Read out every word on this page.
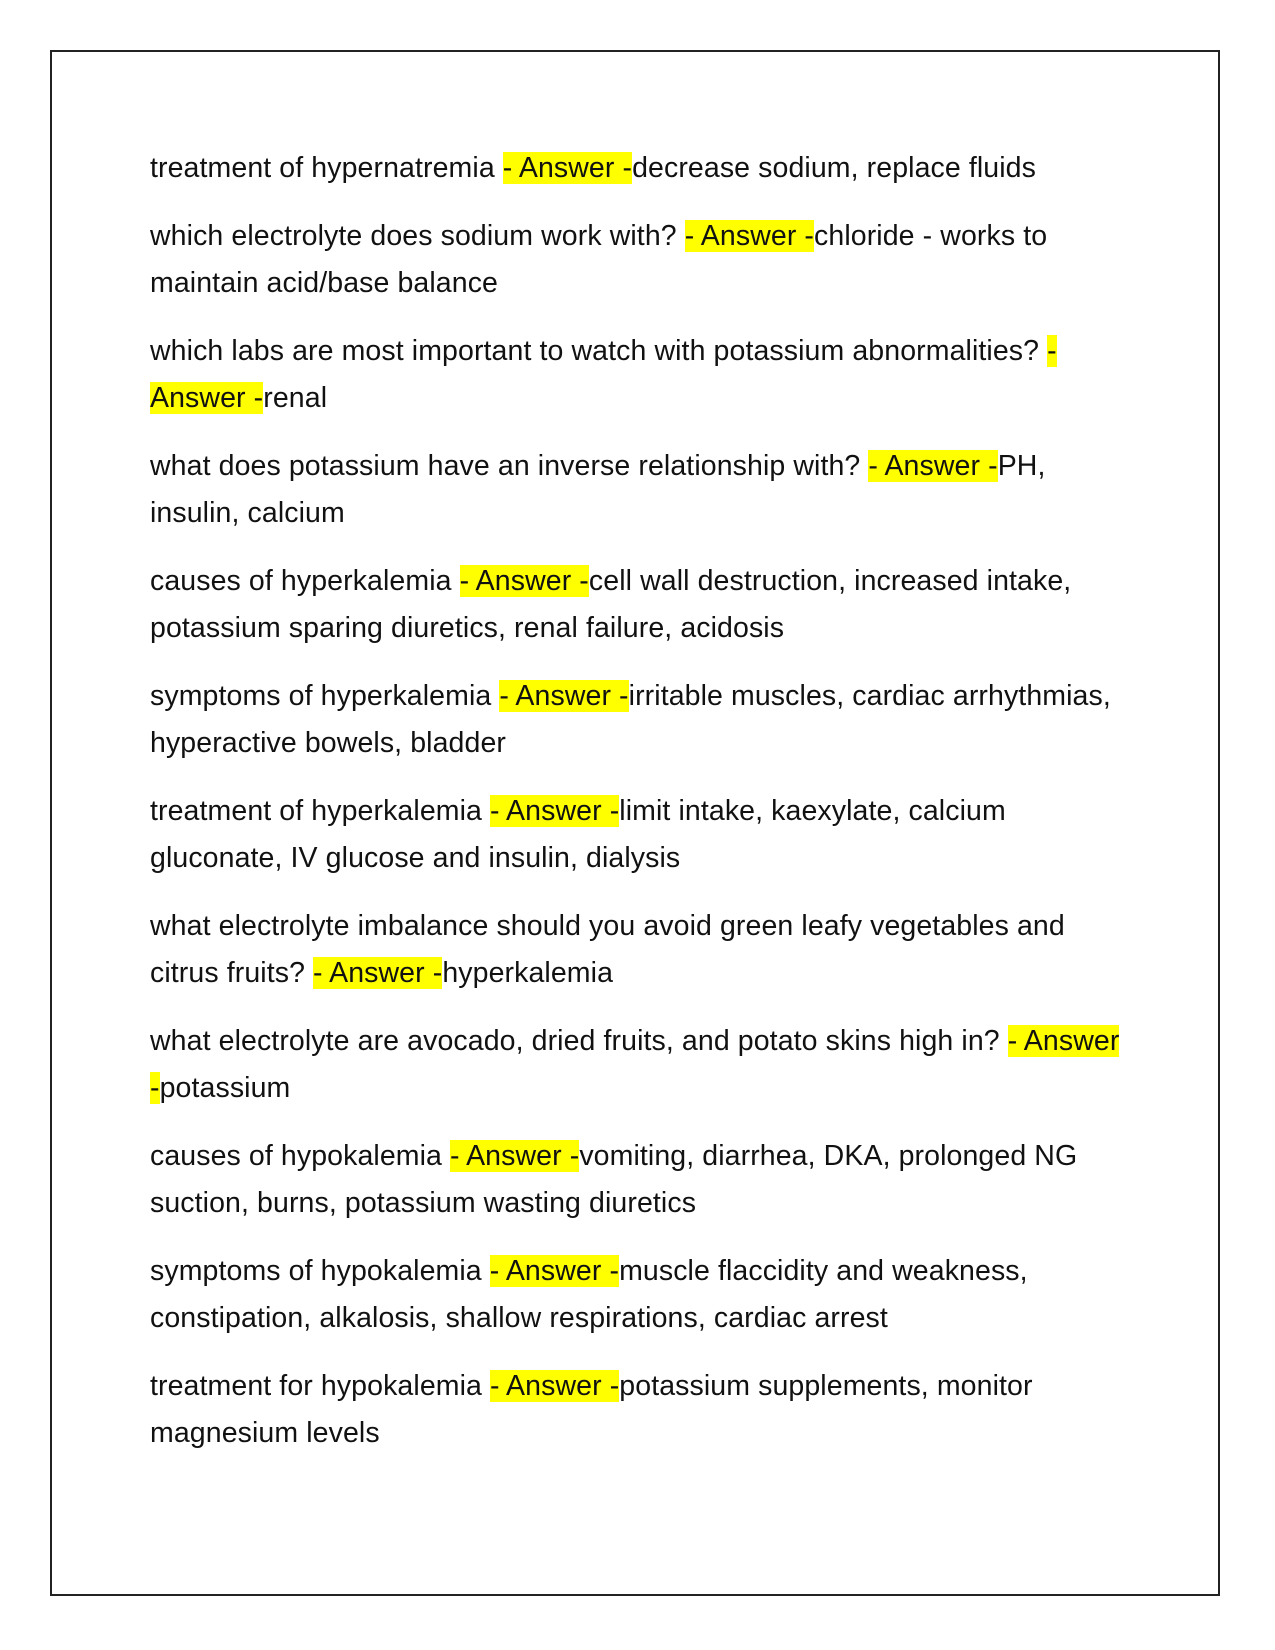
treatment of hypernatremia - Answer -decrease sodium, replace fluids

which electrolyte does sodium work with? - Answer -chloride - works to maintain acid/base balance

which labs are most important to watch with potassium abnormalities? - Answer -renal

what does potassium have an inverse relationship with? - Answer -PH, insulin, calcium

causes of hyperkalemia - Answer -cell wall destruction, increased intake, potassium sparing diuretics, renal failure, acidosis

symptoms of hyperkalemia - Answer -irritable muscles, cardiac arrhythmias, hyperactive bowels, bladder

treatment of hyperkalemia - Answer -limit intake, kaexylate, calcium gluconate, IV glucose and insulin, dialysis

what electrolyte imbalance should you avoid green leafy vegetables and citrus fruits? - Answer -hyperkalemia

what electrolyte are avocado, dried fruits, and potato skins high in? - Answer -potassium

causes of hypokalemia - Answer -vomiting, diarrhea, DKA, prolonged NG suction, burns, potassium wasting diuretics

symptoms of hypokalemia - Answer -muscle flaccidity and weakness, constipation, alkalosis, shallow respirations, cardiac arrest

treatment for hypokalemia - Answer -potassium supplements, monitor magnesium levels
